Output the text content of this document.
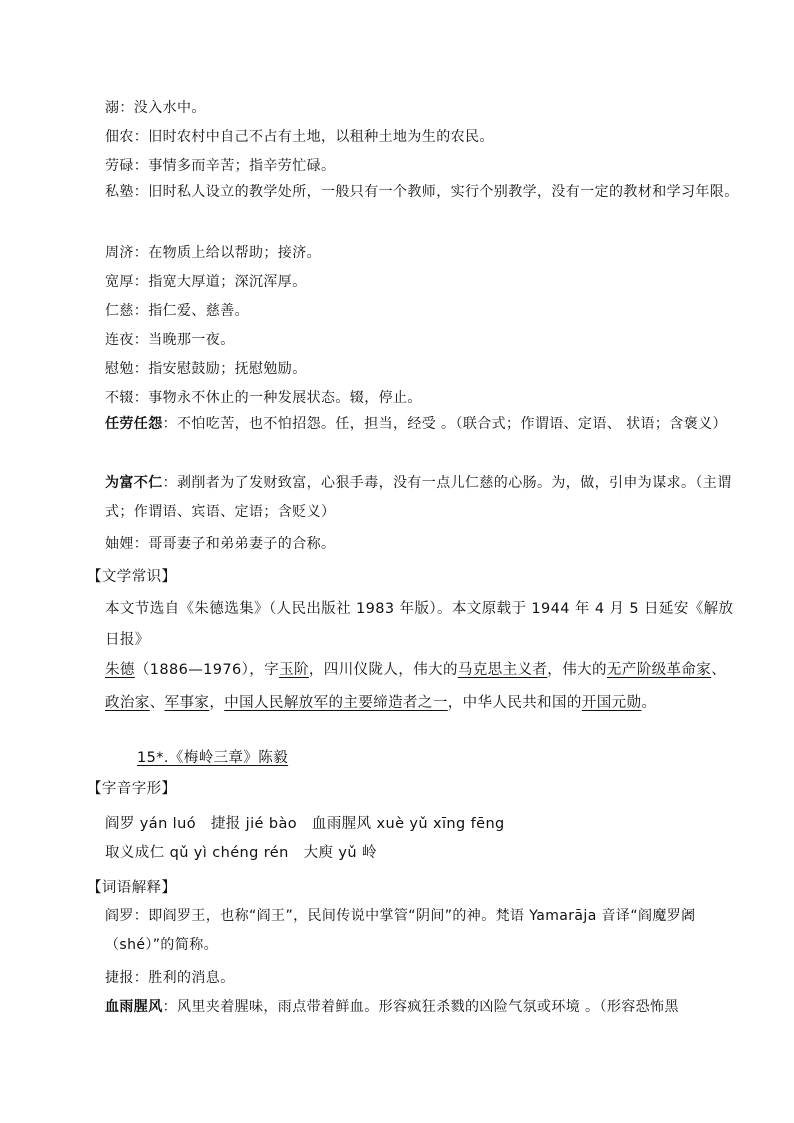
溺：没入水中。

佃农：旧时农村中自己不占有土地，以租种土地为生的农民。

劳碌：事情多而辛苦；指辛劳忙碌。

私塾：旧时私人设立的教学处所，一般只有一个教师，实行个别教学，没有一定的教材和学习年限。

周济：在物质上给以帮助；接济。

宽厚：指宽大厚道；深沉浑厚。

仁慈：指仁爱、慈善。

连夜：当晚那一夜。

慰勉：指安慰鼓励；抚慰勉励。

不辍：事物永不休止的一种发展状态。辍，停止。

任劳任怨：不怕吃苦，也不怕招怨。任，担当，经受 。（联合式；作谓语、定语、 状语；含褒义）

为富不仁：剥削者为了发财致富，心狠手毒，没有一点儿仁慈的心肠。为，做，引申为谋求。（主谓式；作谓语、宾语、定语；含贬义）

妯娌：哥哥妻子和弟弟妻子的合称。

【文学常识】

本文节选自《朱德选集》（人民出版社 1983 年版）。本文原载于 1944 年 4 月 5 日延安《解放日报》

朱德（1886—1976），字玉阶，四川仪陇人，伟大的马克思主义者，伟大的无产阶级革命家、政治家、军事家，中国人民解放军的主要缔造者之一，中华人民共和国的开国元勋。

15*.《梅岭三章》陈毅

【字音字形】

阎罗 yán luó　捷报 jié bào　血雨腥风 xuè yǔ xīng fēng

取义成仁 qǔ yì chéng rén　大庾 yǔ 岭

【词语解释】

阎罗：即阎罗王，也称“阎王”，民间传说中掌管“阴间”的神。梵语 Yamarāja 音译“阎魔罗阇（shé）”的简称。

捷报：胜利的消息。

血雨腥风：风里夹着腥味，雨点带着鲜血。形容疯狂杀戮的凶险气氛或环境 。（形容恐怖黑
